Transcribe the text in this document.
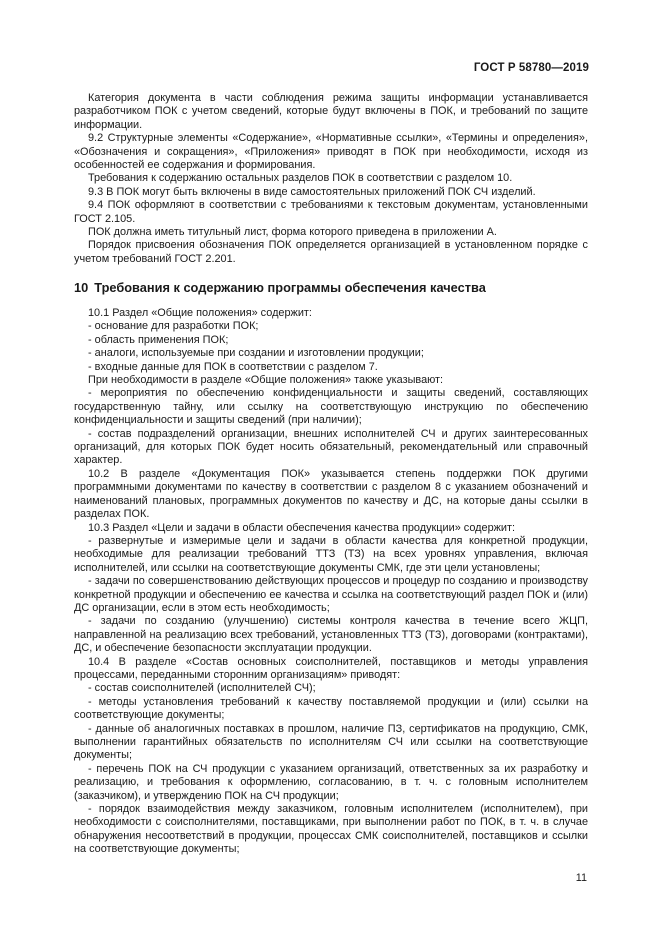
ГОСТ Р 58780—2019

Категория документа в части соблюдения режима защиты информации устанавливается разработчиком ПОК с учетом сведений, которые будут включены в ПОК, и требований по защите информации.

9.2 Структурные элементы «Содержание», «Нормативные ссылки», «Термины и определения», «Обозначения и сокращения», «Приложения» приводят в ПОК при необходимости, исходя из особенностей ее содержания и формирования.

Требования к содержанию остальных разделов ПОК в соответствии с разделом 10.

9.3 В ПОК могут быть включены в виде самостоятельных приложений ПОК СЧ изделий.

9.4 ПОК оформляют в соответствии с требованиями к текстовым документам, установленными ГОСТ 2.105.

ПОК должна иметь титульный лист, форма которого приведена в приложении А.

Порядок присвоения обозначения ПОК определяется организацией в установленном порядке с учетом требований ГОСТ 2.201.

10 Требования к содержанию программы обеспечения качества

10.1 Раздел «Общие положения» содержит:

- основание для разработки ПОК;

- область применения ПОК;

- аналоги, используемые при создании и изготовлении продукции;

- входные данные для ПОК в соответствии с разделом 7.

При необходимости в разделе «Общие положения» также указывают:

- мероприятия по обеспечению конфиденциальности и защиты сведений, составляющих государственную тайну, или ссылку на соответствующую инструкцию по обеспечению конфиденциальности и защиты сведений (при наличии);

- состав подразделений организации, внешних исполнителей СЧ и других заинтересованных организаций, для которых ПОК будет носить обязательный, рекомендательный или справочный характер.

10.2 В разделе «Документация ПОК» указывается степень поддержки ПОК другими программными документами по качеству в соответствии с разделом 8 с указанием обозначений и наименований плановых, программных документов по качеству и ДС, на которые даны ссылки в разделах ПОК.

10.3 Раздел «Цели и задачи в области обеспечения качества продукции» содержит:

- развернутые и измеримые цели и задачи в области качества для конкретной продукции, необходимые для реализации требований ТТЗ (ТЗ) на всех уровнях управления, включая исполнителей, или ссылки на соответствующие документы СМК, где эти цели установлены;

- задачи по совершенствованию действующих процессов и процедур по созданию и производству конкретной продукции и обеспечению ее качества и ссылка на соответствующий раздел ПОК и (или) ДС организации, если в этом есть необходимость;

- задачи по созданию (улучшению) системы контроля качества в течение всего ЖЦП, направленной на реализацию всех требований, установленных ТТЗ (ТЗ), договорами (контрактами), ДС, и обеспечение безопасности эксплуатации продукции.

10.4 В разделе «Состав основных соисполнителей, поставщиков и методы управления процессами, переданными сторонним организациям» приводят:

- состав соисполнителей (исполнителей СЧ);

- методы установления требований к качеству поставляемой продукции и (или) ссылки на соответствующие документы;

- данные об аналогичных поставках в прошлом, наличие ПЗ, сертификатов на продукцию, СМК, выполнении гарантийных обязательств по исполнителям СЧ или ссылки на соответствующие документы;

- перечень ПОК на СЧ продукции с указанием организаций, ответственных за их разработку и реализацию, и требования к оформлению, согласованию, в т. ч. с головным исполнителем (заказчиком), и утверждению ПОК на СЧ продукции;

- порядок взаимодействия между заказчиком, головным исполнителем (исполнителем), при необходимости с соисполнителями, поставщиками, при выполнении работ по ПОК, в т. ч. в случае обнаружения несоответствий в продукции, процессах СМК соисполнителей, поставщиков и ссылки на соответствующие документы;

11
